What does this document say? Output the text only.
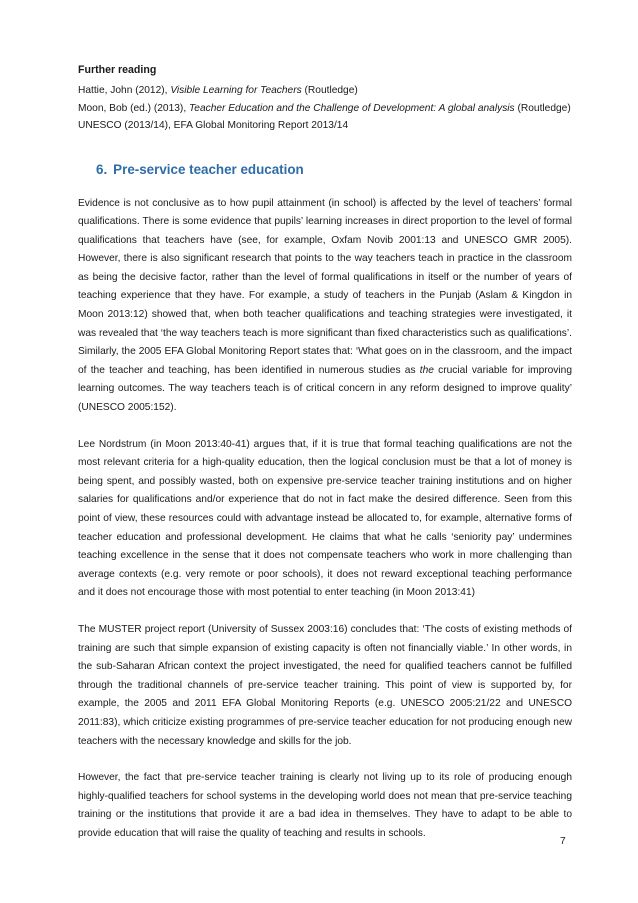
Further reading

Hattie, John (2012), Visible Learning for Teachers (Routledge)

Moon, Bob (ed.) (2013), Teacher Education and the Challenge of Development: A global analysis (Routledge)

UNESCO (2013/14), EFA Global Monitoring Report 2013/14

6. Pre-service teacher education

Evidence is not conclusive as to how pupil attainment (in school) is affected by the level of teachers’ formal qualifications. There is some evidence that pupils’ learning increases in direct proportion to the level of formal qualifications that teachers have (see, for example, Oxfam Novib 2001:13 and UNESCO GMR 2005). However, there is also significant research that points to the way teachers teach in practice in the classroom as being the decisive factor, rather than the level of formal qualifications in itself or the number of years of teaching experience that they have. For example, a study of teachers in the Punjab (Aslam & Kingdon in Moon 2013:12) showed that, when both teacher qualifications and teaching strategies were investigated, it was revealed that ‘the way teachers teach is more significant than fixed characteristics such as qualifications’. Similarly, the 2005 EFA Global Monitoring Report states that: ‘What goes on in the classroom, and the impact of the teacher and teaching, has been identified in numerous studies as the crucial variable for improving learning outcomes. The way teachers teach is of critical concern in any reform designed to improve quality’ (UNESCO 2005:152).

Lee Nordstrum (in Moon 2013:40-41) argues that, if it is true that formal teaching qualifications are not the most relevant criteria for a high-quality education, then the logical conclusion must be that a lot of money is being spent, and possibly wasted, both on expensive pre-service teacher training institutions and on higher salaries for qualifications and/or experience that do not in fact make the desired difference. Seen from this point of view, these resources could with advantage instead be allocated to, for example, alternative forms of teacher education and professional development. He claims that what he calls ‘seniority pay’ undermines teaching excellence in the sense that it does not compensate teachers who work in more challenging than average contexts (e.g. very remote or poor schools), it does not reward exceptional teaching performance and it does not encourage those with most potential to enter teaching (in Moon 2013:41)

The MUSTER project report (University of Sussex 2003:16) concludes that: ‘The costs of existing methods of training are such that simple expansion of existing capacity is often not financially viable.’ In other words, in the sub-Saharan African context the project investigated, the need for qualified teachers cannot be fulfilled through the traditional channels of pre-service teacher training. This point of view is supported by, for example, the 2005 and 2011 EFA Global Monitoring Reports (e.g. UNESCO 2005:21/22 and UNESCO 2011:83), which criticize existing programmes of pre-service teacher education for not producing enough new teachers with the necessary knowledge and skills for the job.

However, the fact that pre-service teacher training is clearly not living up to its role of producing enough highly-qualified teachers for school systems in the developing world does not mean that pre-service teaching training or the institutions that provide it are a bad idea in themselves. They have to adapt to be able to provide education that will raise the quality of teaching and results in schools.

7
